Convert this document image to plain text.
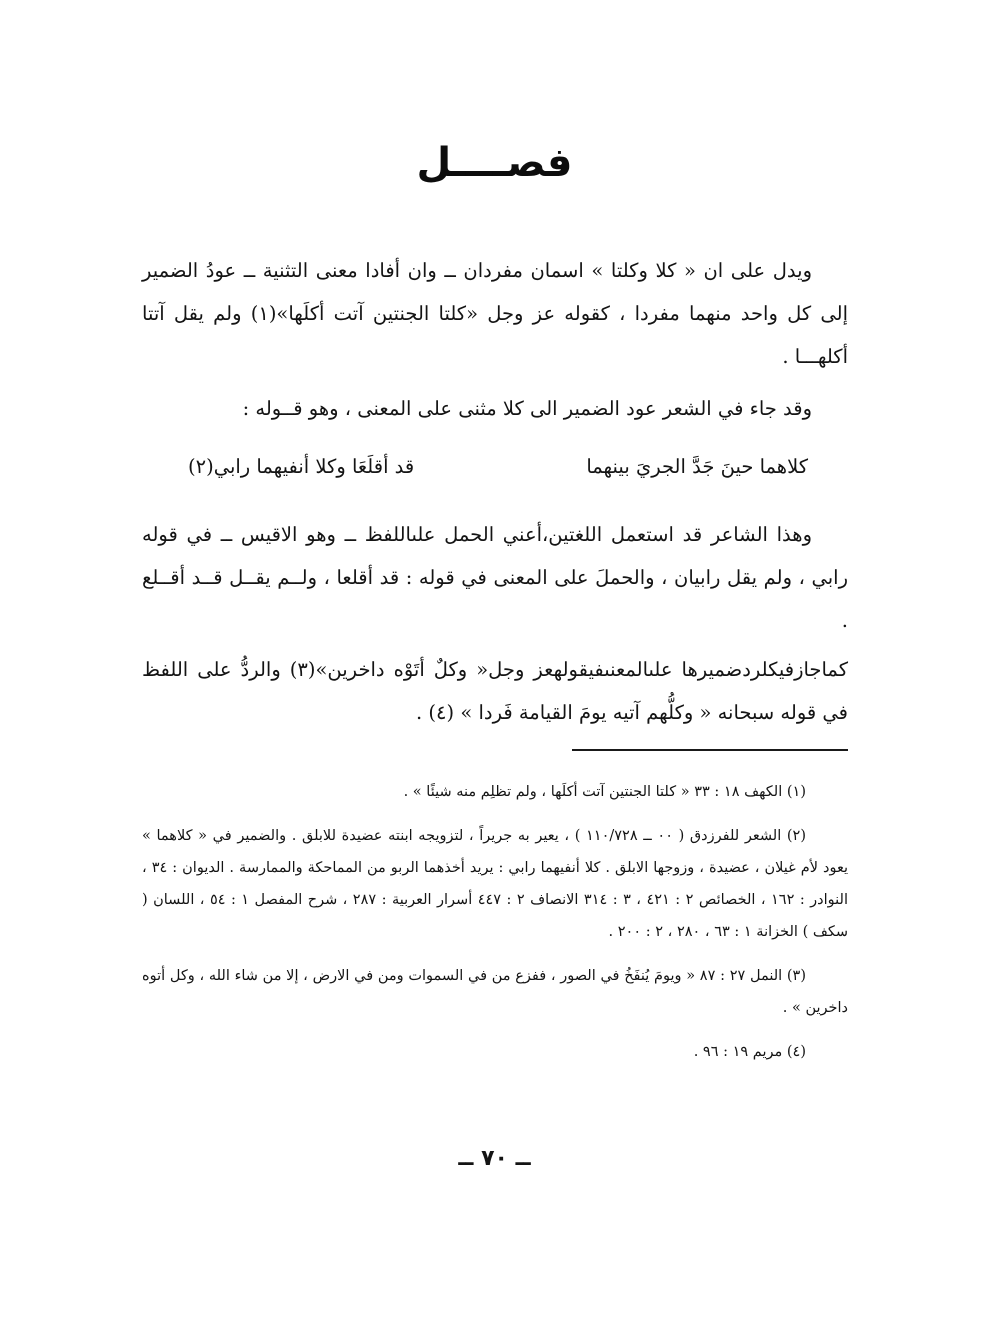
فصــــل

ويدل على ان « كلا وكلتا » اسمان مفردان ــ وان أفادا معنى التثنية ــ عودُ الضمير إلى كل واحد منهما مفردا ، كقوله عز وجل «كلتا الجنتين آتت أكلَها»(١) ولم يقل آتتا أكلهـــا .

وقد جاء في الشعر عود الضمير الى كلا مثنى على المعنى ، وهو قــوله :

كلاهما حينَ جَدَّ الجريَ بينهما
قد أقلَعَا وكلا أنفيهما رابي(٢)

وهذا الشاعر قد استعمل اللغتين،أعني الحمل علىاللفظ ــ وهو الاقيس ــ في قوله رابي ، ولم يقل رابيان ، والحملَ على المعنى في قوله : قد أقلعا ، ولــم يقــل قــد أقــلع .

كماجازفيكلردضميرها علىالمعنىفيقولهعز وجل« وكلٌ أتَوْه داخرين»(٣) والردُّ على اللفظ في قوله سبحانه « وكلُّهم آتيه يومَ القيامة فَردا » (٤) .

(١) الكهف ١٨ : ٣٣ « كلتا الجنتين آتت أكلَها ، ولم تظلِم منه شيئًا » .

(٢) الشعر للفرزدق ( ٠٠ ــ ١١٠/٧٢٨ ) ، يعير به جريراً ، لتزويجه ابنته عضيدة للابلق . والضمير في « كلاهما » يعود لأم غيلان ، عضيدة ، وزوجها الابلق . كلا أنفيهما رابي : يريد أخذهما الربو من المماحكة والممارسة . الديوان : ٣٤ ، النوادر : ١٦٢ ، الخصائص ٢ : ٤٢١ ، ٣ : ٣١٤ الانصاف ٢ : ٤٤٧ أسرار العربية : ٢٨٧ ، شرح المفصل ١ : ٥٤ ، اللسان ( سكف ) الخزانة ١ : ٦٣ ، ٢٨٠ ، ٢ : ٢٠٠ .

(٣) النمل ٢٧ : ٨٧ « ويومَ يُنفَخُ في الصور ، ففزع من في السموات ومن في الارض ، إلا من شاء الله ، وكل أتوه داخرين » .

(٤) مريم ١٩ : ٩٦ .

ــ ٧٠ ــ
